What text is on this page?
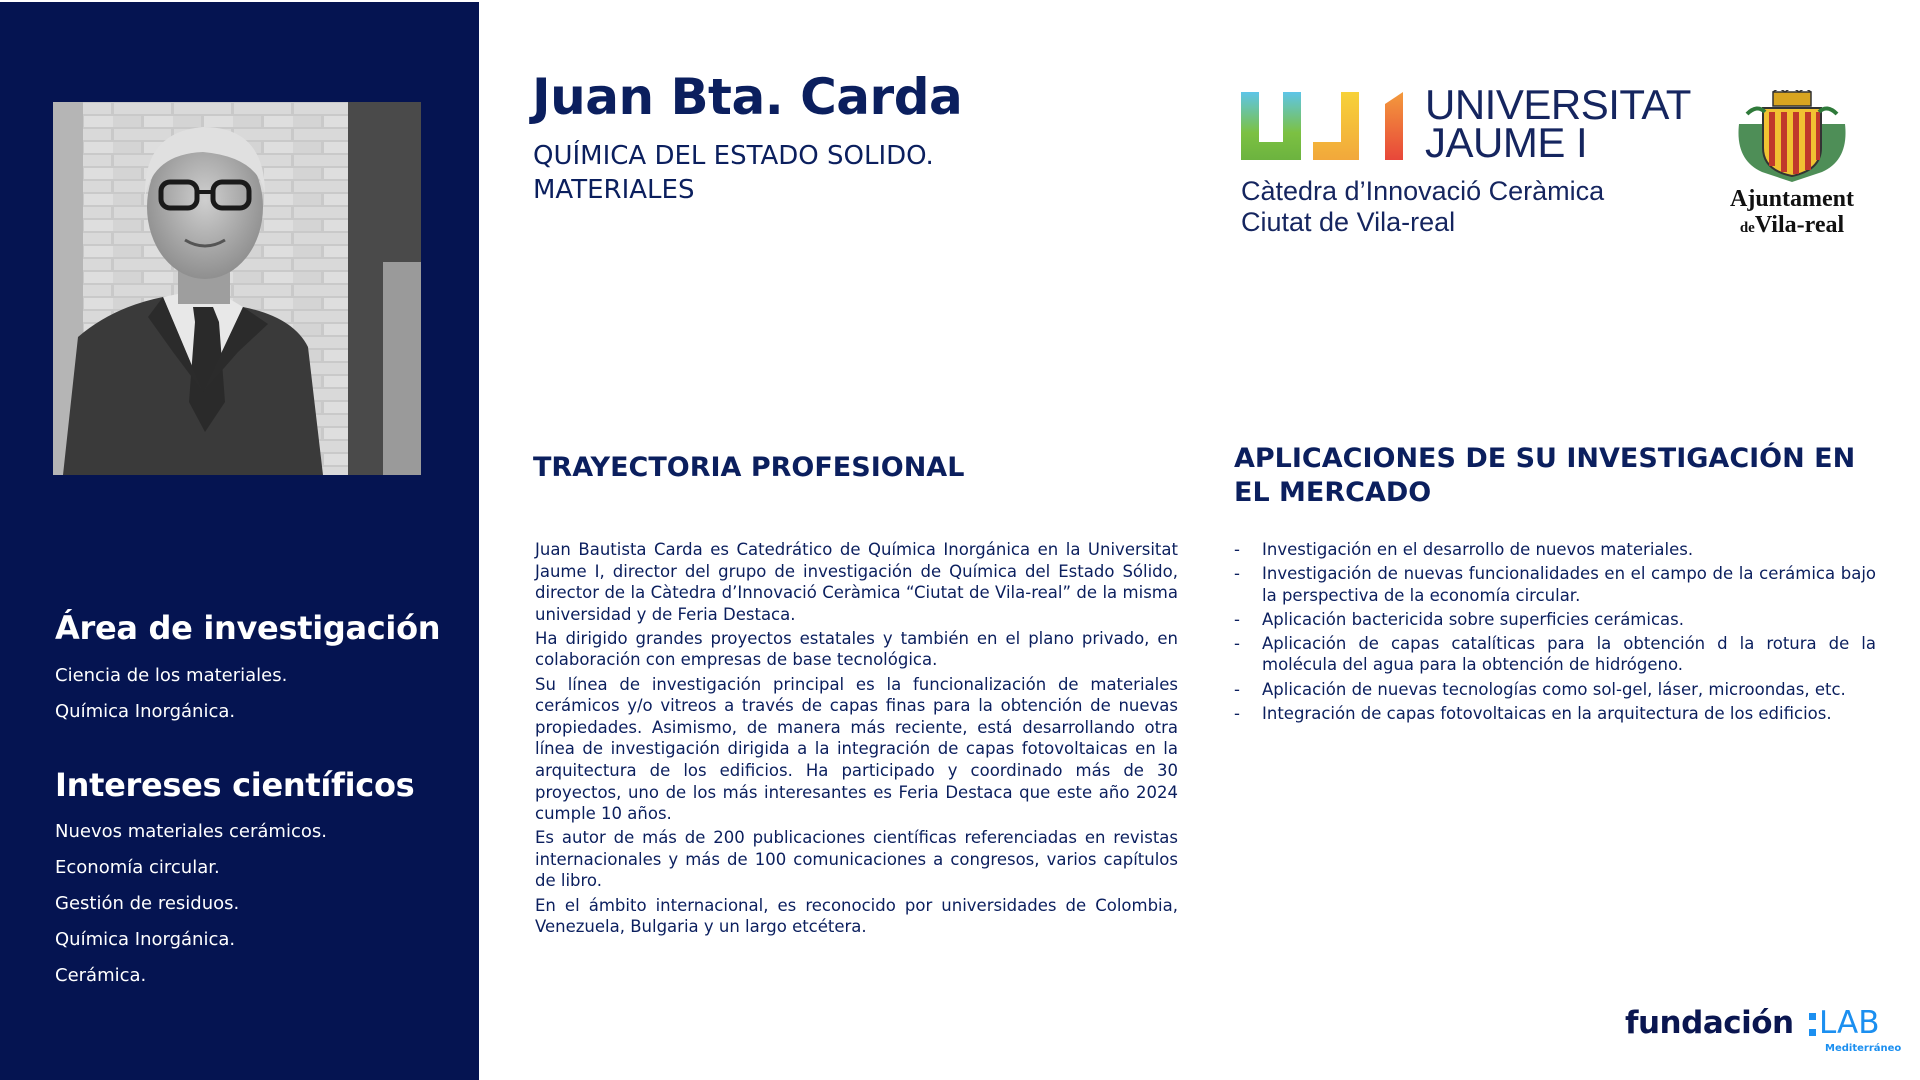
Área de investigación
Ciencia de los materiales.
Química Inorgánica.
Intereses científicos
Nuevos materiales cerámicos.
Economía circular.
Gestión de residuos.
Química Inorgánica.
Cerámica.
Juan Bta. Carda
QUÍMICA DEL ESTADO SOLIDO.
MATERIALES
UNIVERSITAT
JAUME I
Càtedra d’Innovació Ceràmica
Ciutat de Vila-real
Ajuntament
deVila-real
TRAYECTORIA PROFESIONAL

Juan Bautista Carda es Catedrático de Química Inorgánica en la Universitat Jaume I, director del grupo de investigación de Química del Estado Sólido, director de la Càtedra d’Innovació Ceràmica “Ciutat de Vila-real” de la misma universidad y de Feria Destaca.

Ha dirigido grandes proyectos estatales y también en el plano privado, en colaboración con empresas de base tecnológica.

Su línea de investigación principal es la funcionalización de materiales cerámicos y/o vitreos a través de capas finas para la obtención de nuevas propiedades. Asimismo, de manera más reciente, está desarrollando otra línea de investigación dirigida a la integración de capas fotovoltaicas en la arquitectura de los edificios. Ha participado y coordinado más de 30 proyectos, uno de los más interesantes es Feria Destaca que este año 2024 cumple 10 años.

Es autor de más de 200 publicaciones científicas referenciadas en revistas internacionales y más de 100 comunicaciones a congresos, varios capítulos de libro.

En el ámbito internacional, es reconocido por universidades de Colombia, Venezuela, Bulgaria y un largo etcétera.

APLICACIONES DE SU INVESTIGACIÓN EN
EL MERCADO
- Investigación en el desarrollo de nuevos materiales.
- Investigación de nuevas funcionalidades en el campo de la cerámica bajo la perspectiva de la economía circular.
- Aplicación bactericida sobre superficies cerámicas.
- Aplicación de capas catalíticas para la obtención d la rotura de la molécula del agua para la obtención de hidrógeno.
- Aplicación de nuevas tecnologías como sol-gel, láser, microondas, etc.
- Integración de capas fotovoltaicas en la arquitectura de los edificios.
fundación LAB
Mediterráneo
